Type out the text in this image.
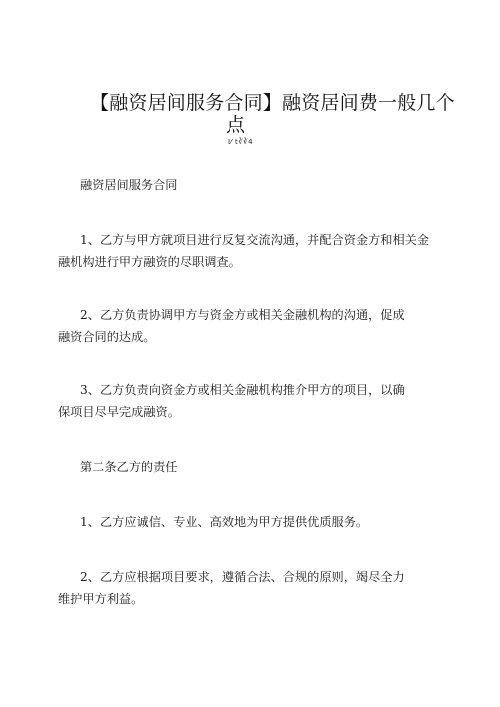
【融资居间服务合同】融资居间费一般几个
点
I⁄ t∛∛4

融资居间服务合同

1、乙方与甲方就项目进行反复交流沟通，并配合资金方和相关金
融机构进行甲方融资的尽职调查。

2、乙方负责协调甲方与资金方或相关金融机构的沟通，促成
融资合同的达成。

3、乙方负责向资金方或相关金融机构推介甲方的项目，以确
保项目尽早完成融资。

第二条乙方的责任

1、乙方应诚信、专业、高效地为甲方提供优质服务。

2、乙方应根据项目要求，遵循合法、合规的原则，竭尽全力
维护甲方利益。
